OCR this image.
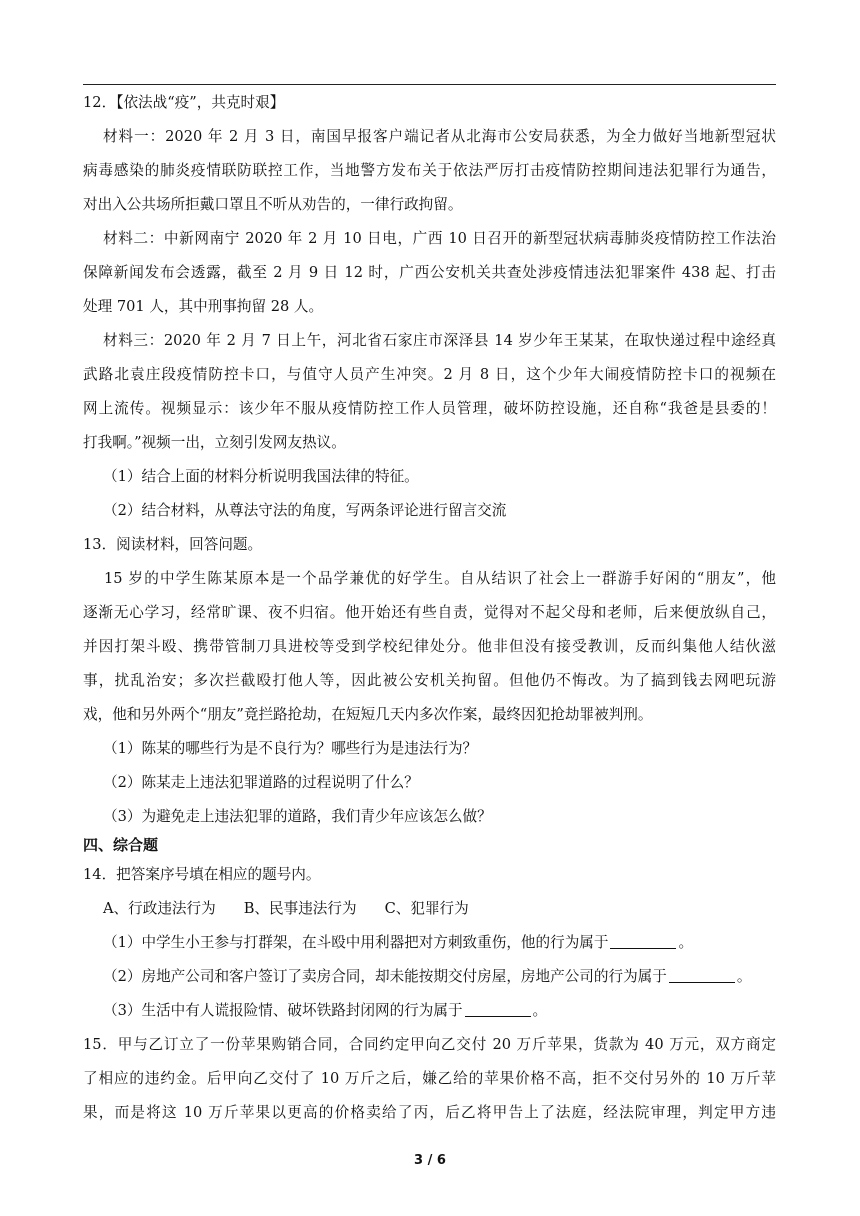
12．【依法战“疫”，共克时艰】
材料一：2020 年 2 月 3 日，南国早报客户端记者从北海市公安局获悉，为全力做好当地新型冠状
病毒感染的肺炎疫情联防联控工作，当地警方发布关于依法严厉打击疫情防控期间违法犯罪行为通告，
对出入公共场所拒戴口罩且不听从劝告的，一律行政拘留。
材料二：中新网南宁 2020 年 2 月 10 日电，广西 10 日召开的新型冠状病毒肺炎疫情防控工作法治
保障新闻发布会透露，截至 2 月 9 日 12 时，广西公安机关共查处涉疫情违法犯罪案件 438 起、打击
处理 701 人，其中刑事拘留 28 人。
材料三：2020 年 2 月 7 日上午，河北省石家庄市深泽县 14 岁少年王某某，在取快递过程中途经真
武路北袁庄段疫情防控卡口，与值守人员产生冲突。2 月 8 日，这个少年大闹疫情防控卡口的视频在
网上流传。视频显示：该少年不服从疫情防控工作人员管理，破坏防控设施，还自称“我爸是县委的！
打我啊。”视频一出，立刻引发网友热议。
（1）结合上面的材料分析说明我国法律的特征。
（2）结合材料，从尊法守法的角度，写两条评论进行留言交流
13．阅读材料，回答问题。
15 岁的中学生陈某原本是一个品学兼优的好学生。自从结识了社会上一群游手好闲的“朋友”，他
逐渐无心学习，经常旷课、夜不归宿。他开始还有些自责，觉得对不起父母和老师，后来便放纵自己，
并因打架斗殴、携带管制刀具进校等受到学校纪律处分。他非但没有接受教训，反而纠集他人结伙滋
事，扰乱治安；多次拦截殴打他人等，因此被公安机关拘留。但他仍不悔改。为了搞到钱去网吧玩游
戏，他和另外两个“朋友”竟拦路抢劫，在短短几天内多次作案，最终因犯抢劫罪被判刑。
（1）陈某的哪些行为是不良行为？哪些行为是违法行为？
（2）陈某走上违法犯罪道路的过程说明了什么？
（3）为避免走上违法犯罪的道路，我们青少年应该怎么做？
四、综合题
14．把答案序号填在相应的题号内。
A、行政违法行为 B、民事违法行为 C、犯罪行为
（1）中学生小王参与打群架，在斗殴中用利器把对方刺致重伤，他的行为属于	。
（2）房地产公司和客户签订了卖房合同，却未能按期交付房屋，房地产公司的行为属于	。
（3）生活中有人谎报险情、破坏铁路封闭网的行为属于	。
15．甲与乙订立了一份苹果购销合同，合同约定甲向乙交付 20 万斤苹果，货款为 40 万元，双方商定
了相应的违约金。后甲向乙交付了 10 万斤之后，嫌乙给的苹果价格不高，拒不交付另外的 10 万斤苹
果，而是将这 10 万斤苹果以更高的价格卖给了丙，后乙将甲告上了法庭，经法院审理，判定甲方违
3 / 6
